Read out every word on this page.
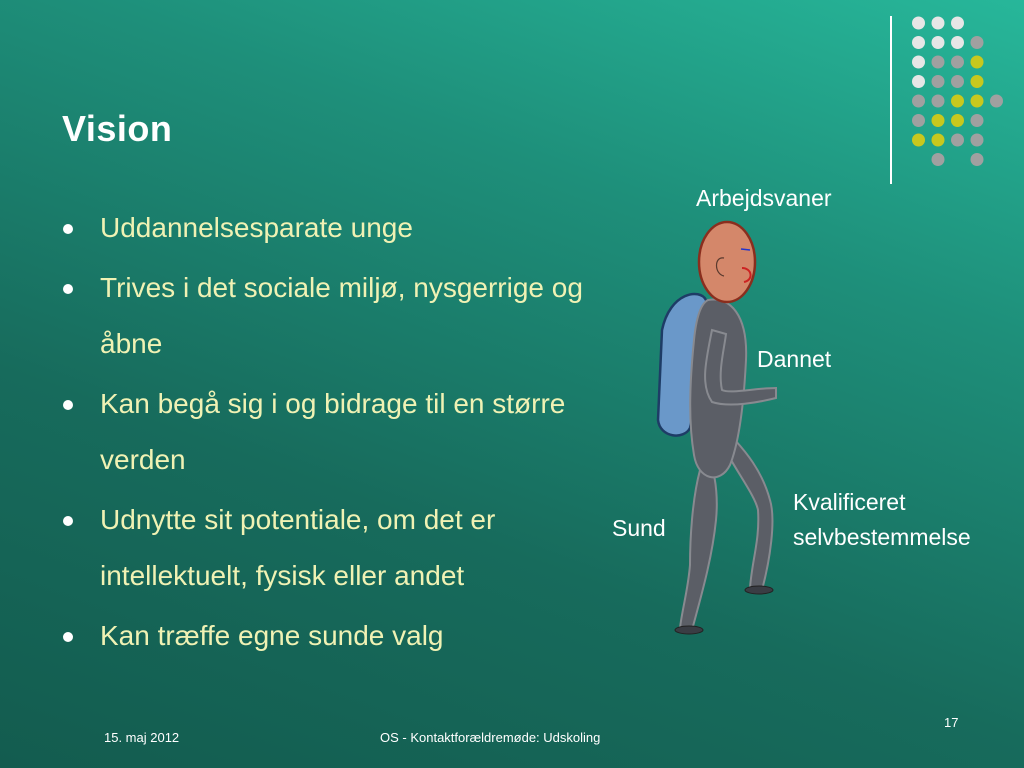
Vision
Uddannelsesparate unge
Trives i det sociale miljø, nysgerrige og åbne
Kan begå sig i og bidrage til en større verden
Udnytte sit potentiale, om det er intellektuelt, fysisk eller andet
Kan træffe egne sunde valg
Arbejdsvaner
Dannet
Sund
Kvalificeret
selvbestemmelse
15. maj 2012	OS - Kontaktforældremøde: Udskoling
17
